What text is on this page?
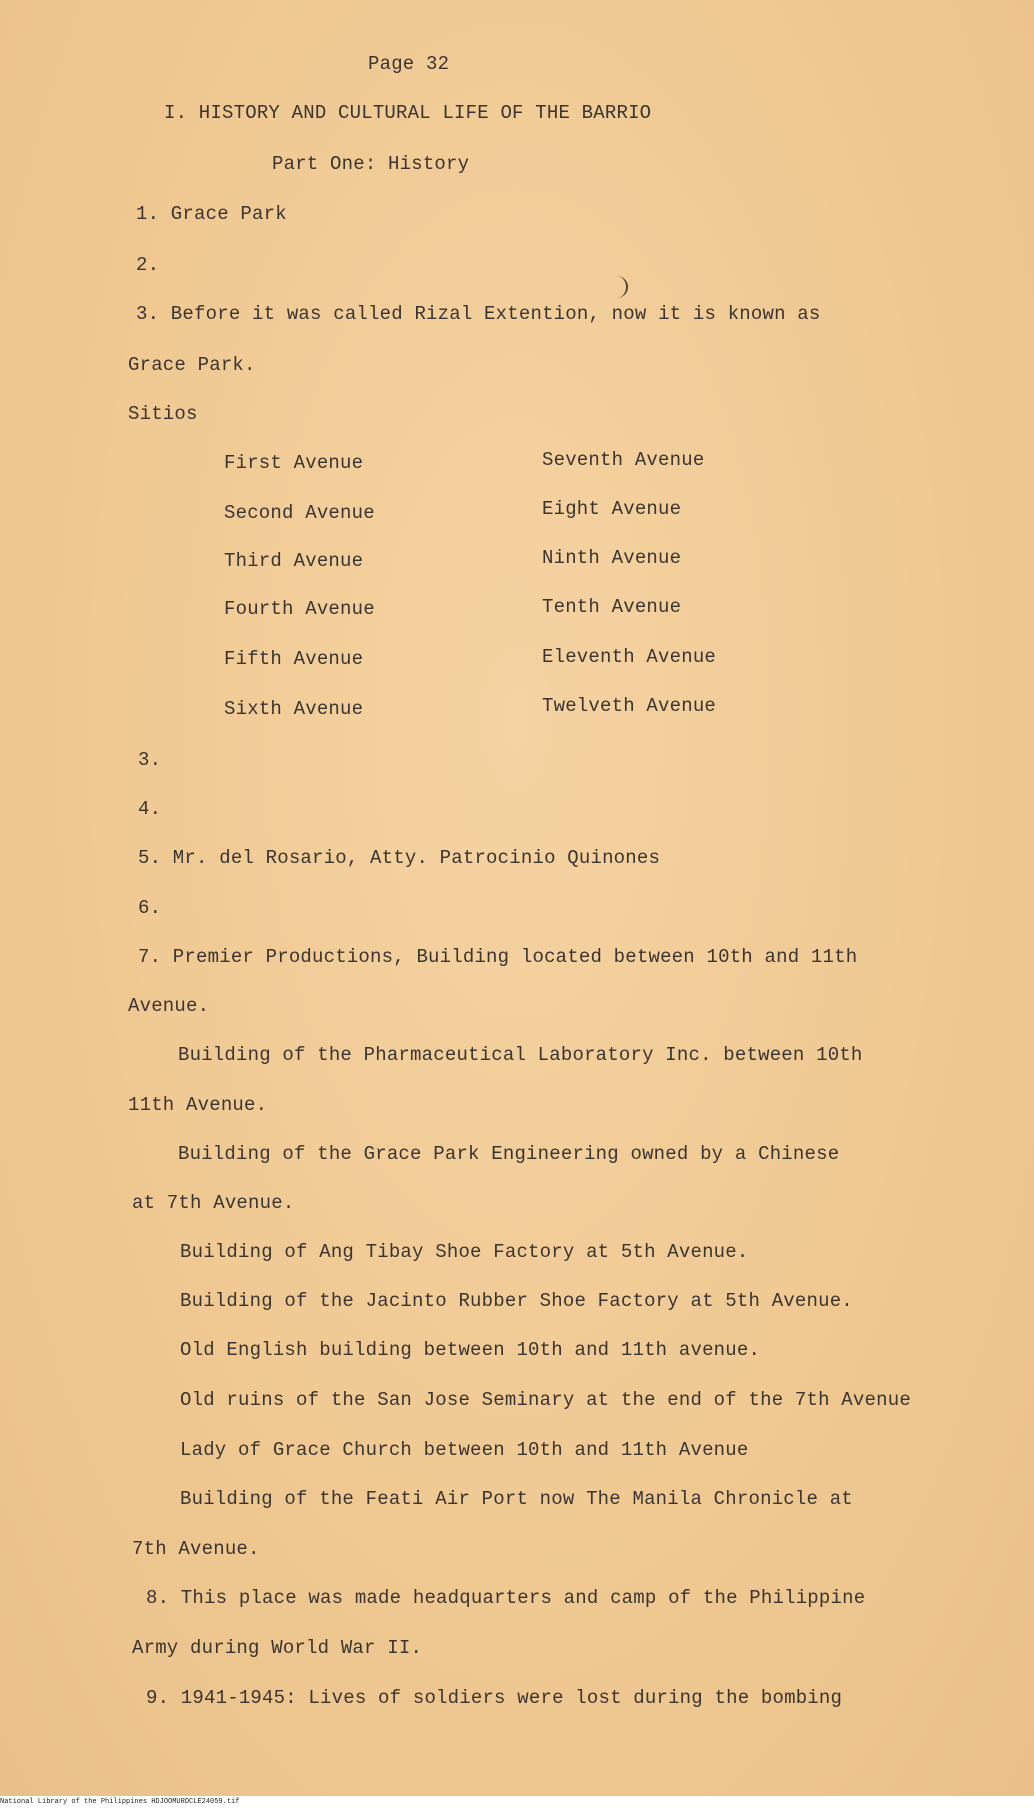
Page 32
I. HISTORY AND CULTURAL LIFE OF THE BARRIO
Part One: History
1. Grace Park
2.
3. Before it was called Rizal Extention, now it is known as
Grace Park.
Sitios
First Avenue
Second Avenue
Third Avenue
Fourth Avenue
Fifth Avenue
Sixth Avenue
Seventh Avenue
Eight Avenue
Ninth Avenue
Tenth Avenue
Eleventh Avenue
Twelveth Avenue
3.
4.
5. Mr. del Rosario, Atty. Patrocinio Quinones
6.
7. Premier Productions, Building located between 10th and 11th
Avenue.
Building of the Pharmaceutical Laboratory Inc. between 10th
11th Avenue.
Building of the Grace Park Engineering owned by a Chinese
at 7th Avenue.
Building of Ang Tibay Shoe Factory at 5th Avenue.
Building of the Jacinto Rubber Shoe Factory at 5th Avenue.
Old English building between 10th and 11th avenue.
Old ruins of the San Jose Seminary at the end of the 7th Avenue
Lady of Grace Church between 10th and 11th Avenue
Building of the Feati Air Port now The Manila Chronicle at
7th Avenue.
8. This place was made headquarters and camp of the Philippine
Army during World War II.
9. 1941-1945: Lives of soldiers were lost during the bombing
National Library of the Philippines HDJOOMURDCLE24059.tif
